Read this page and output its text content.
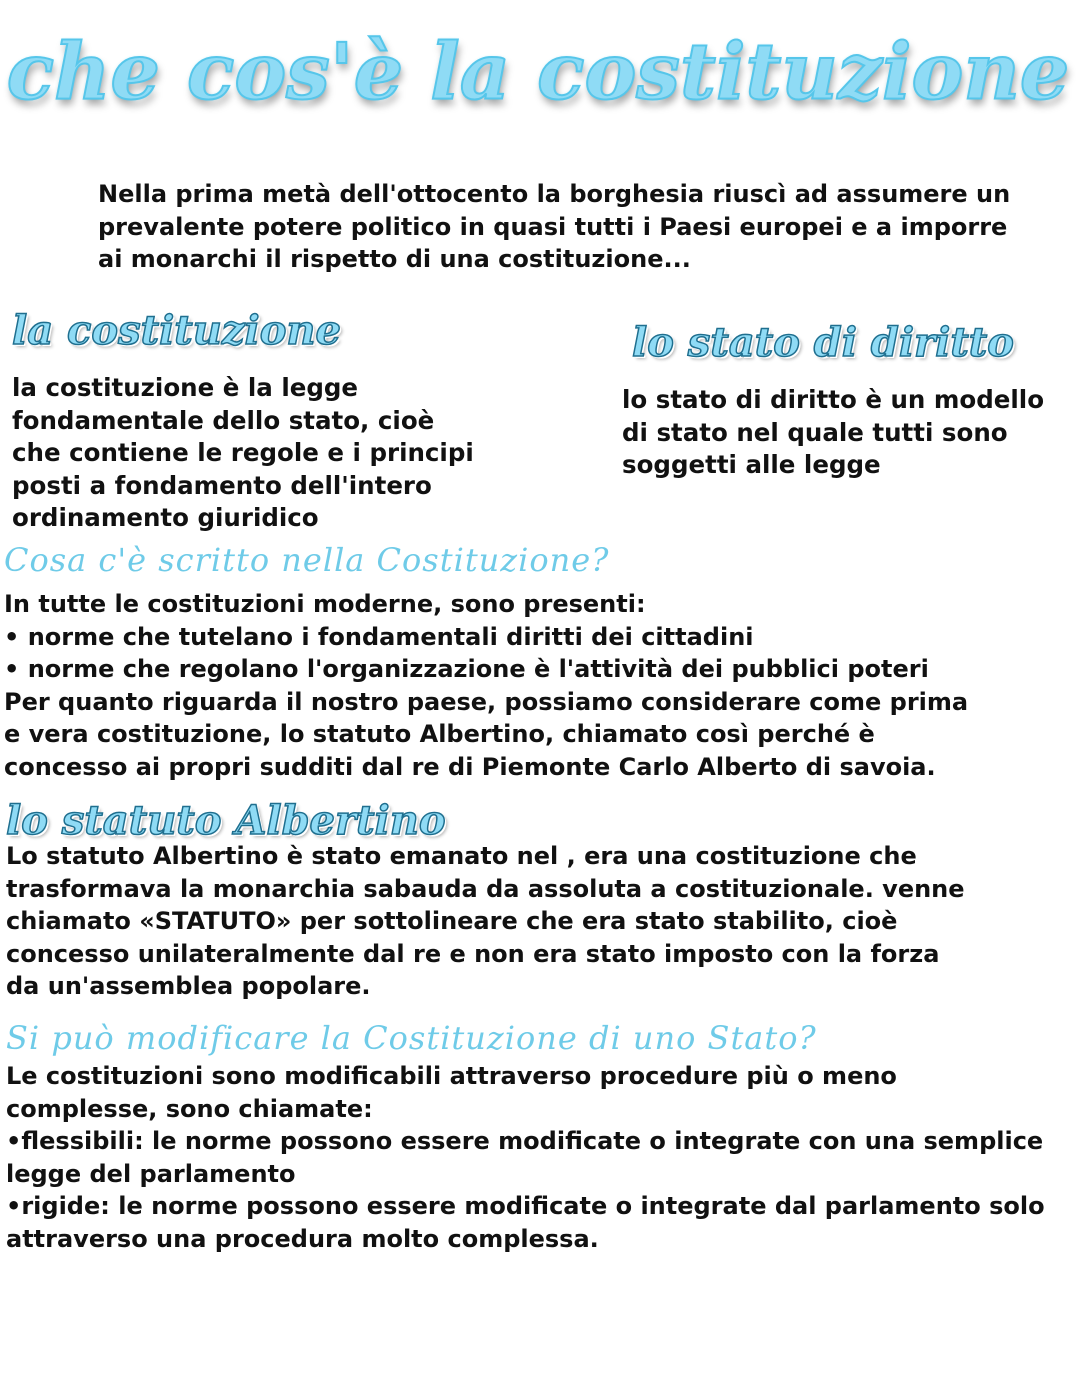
che cos'è la costituzione
Nella prima metà dell'ottocento la borghesia riuscì ad assumere un
prevalente potere politico in quasi tutti i Paesi europei e a imporre
ai monarchi il rispetto di una costituzione...
la costituzione
la costituzione è la legge
fondamentale dello stato, cioè
che contiene le regole e i principi
posti a fondamento dell'intero
ordinamento giuridico
lo stato di diritto
lo stato di diritto è un modello
di stato nel quale tutti sono
soggetti alle legge
Cosa c'è scritto nella Costituzione?
In tutte le costituzioni moderne, sono presenti:
• norme che tutelano i fondamentali diritti dei cittadini
• norme che regolano l'organizzazione è l'attività dei pubblici poteri
Per quanto riguarda il nostro paese, possiamo considerare come prima
e vera costituzione, lo statuto Albertino, chiamato così perché è
concesso ai propri sudditi dal re di Piemonte Carlo Alberto di savoia.
lo statuto Albertino
Lo statuto Albertino è stato emanato nel , era una costituzione che
trasformava la monarchia sabauda da assoluta a costituzionale. venne
chiamato «STATUTO» per sottolineare che era stato stabilito, cioè
concesso unilateralmente dal re e non era stato imposto con la forza
da un'assemblea popolare.
Si può modificare la Costituzione di uno Stato?
Le costituzioni sono modificabili attraverso procedure più o meno
complesse, sono chiamate:
•flessibili: le norme possono essere modificate o integrate con una semplice
legge del parlamento
•rigide: le norme possono essere modificate o integrate dal parlamento solo
attraverso una procedura molto complessa.
